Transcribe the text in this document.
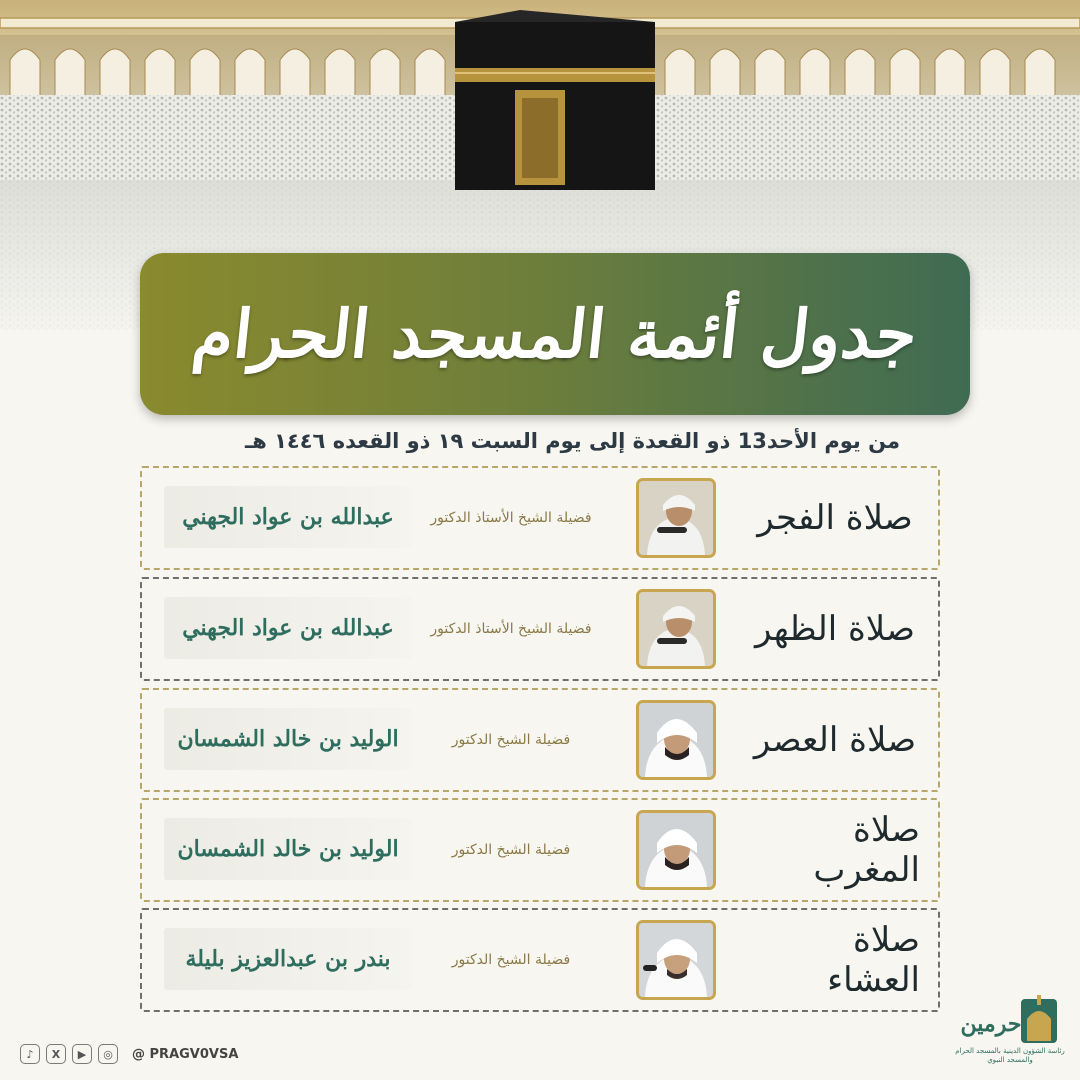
جدول أئمة المسجد الحرام
من يوم الأحد13 ذو القعدة إلى يوم السبت ١٩ ذو القعده ١٤٤٦ هـ
صلاة الفجر
فضيلة الشيخ الأستاذ الدكتور
عبدالله بن عواد الجهني
صلاة الظهر
فضيلة الشيخ الأستاذ الدكتور
عبدالله بن عواد الجهني
صلاة العصر
فضيلة الشيخ الدكتور
الوليد بن خالد الشمسان
صلاة المغرب
فضيلة الشيخ الدكتور
الوليد بن خالد الشمسان
صلاة العشاء
فضيلة الشيخ الدكتور
بندر بن عبدالعزيز بليلة
♪	X	▶	◎	@ PRAGV0VSA
حرمين
رئاسة الشؤون الدينية بالمسجد الحرام والمسجد النبوي
